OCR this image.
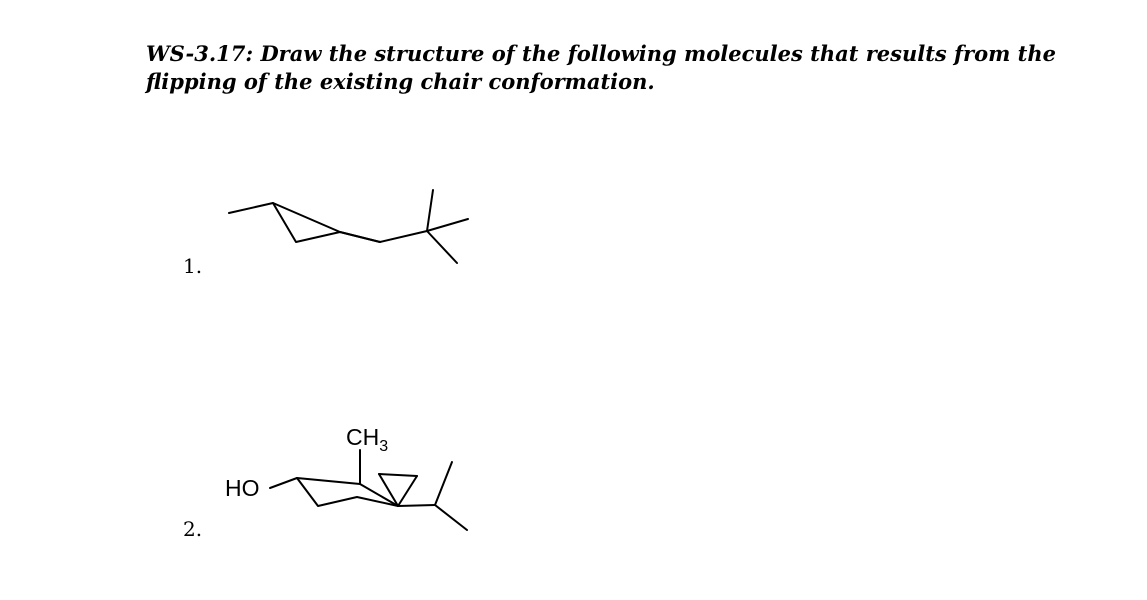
WS-3.17: Draw the structure of the following molecules that results from the flipping of the existing chair conformation.
1.
2.
HO
$CH_3$
